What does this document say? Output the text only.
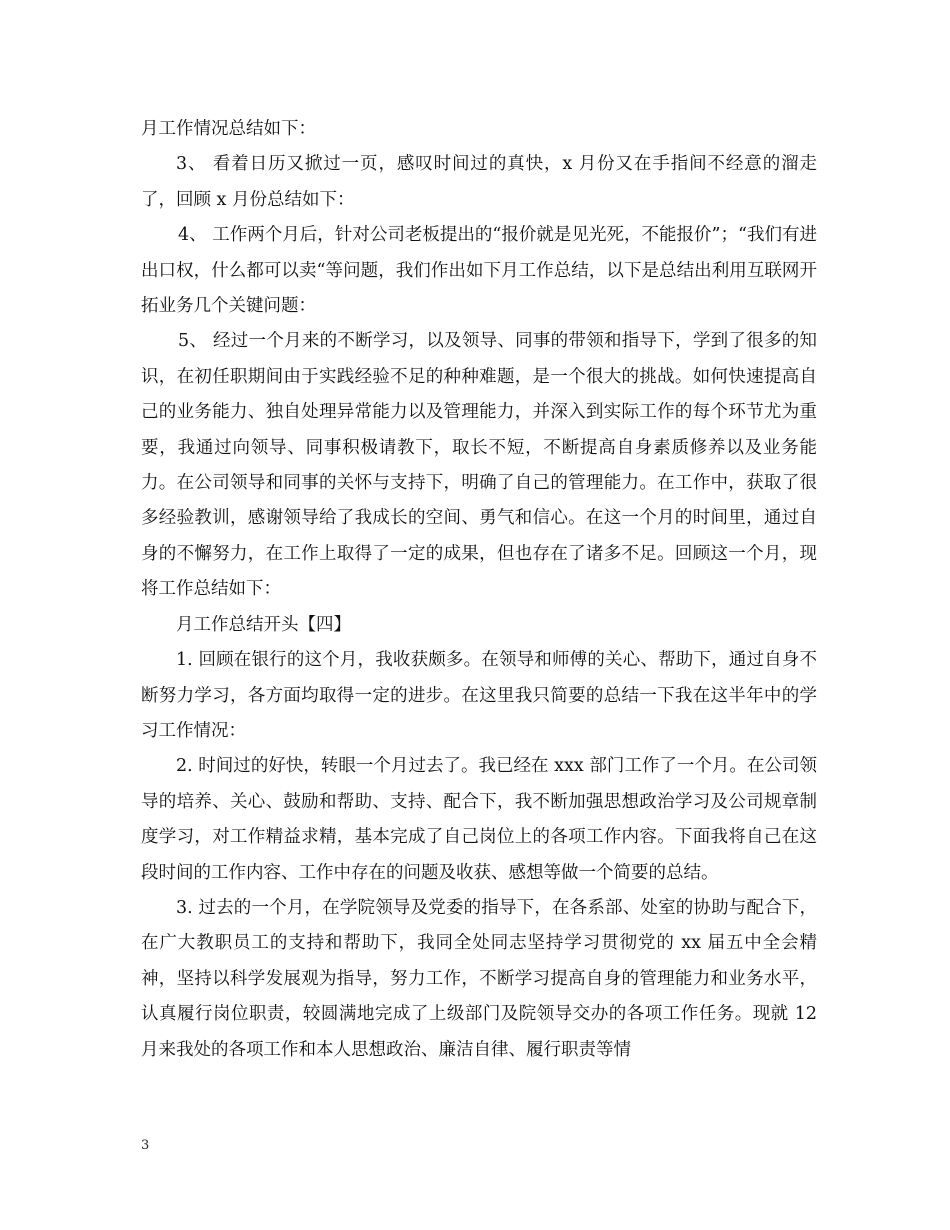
月工作情况总结如下：

3、 看着日历又掀过一页，感叹时间过的真快，x 月份又在手指间不经意的溜走了，回顾 x 月份总结如下：

4、 工作两个月后，针对公司老板提出的“报价就是见光死，不能报价”；“我们有进出口权，什么都可以卖“等问题，我们作出如下月工作总结，以下是总结出利用互联网开拓业务几个关键问题：

5、 经过一个月来的不断学习，以及领导、同事的带领和指导下，学到了很多的知识，在初任职期间由于实践经验不足的种种难题，是一个很大的挑战。如何快速提高自己的业务能力、独自处理异常能力以及管理能力，并深入到实际工作的每个环节尤为重要，我通过向领导、同事积极请教下，取长不短，不断提高自身素质修养以及业务能力。在公司领导和同事的关怀与支持下，明确了自己的管理能力。在工作中，获取了很多经验教训，感谢领导给了我成长的空间、勇气和信心。在这一个月的时间里，通过自身的不懈努力，在工作上取得了一定的成果，但也存在了诸多不足。回顾这一个月，现将工作总结如下：

月工作总结开头【四】

1. 回顾在银行的这个月，我收获颇多。在领导和师傅的关心、帮助下，通过自身不断努力学习，各方面均取得一定的进步。在这里我只简要的总结一下我在这半年中的学习工作情况：

2. 时间过的好快，转眼一个月过去了。我已经在 xxx 部门工作了一个月。在公司领导的培养、关心、鼓励和帮助、支持、配合下，我不断加强思想政治学习及公司规章制度学习，对工作精益求精，基本完成了自己岗位上的各项工作内容。下面我将自己在这段时间的工作内容、工作中存在的问题及收获、感想等做一个简要的总结。

3. 过去的一个月，在学院领导及党委的指导下，在各系部、处室的协助与配合下，在广大教职员工的支持和帮助下，我同全处同志坚持学习贯彻党的 xx 届五中全会精神，坚持以科学发展观为指导，努力工作，不断学习提高自身的管理能力和业务水平，认真履行岗位职责，较圆满地完成了上级部门及院领导交办的各项工作任务。现就 12 月来我处的各项工作和本人思想政治、廉洁自律、履行职责等情

3
